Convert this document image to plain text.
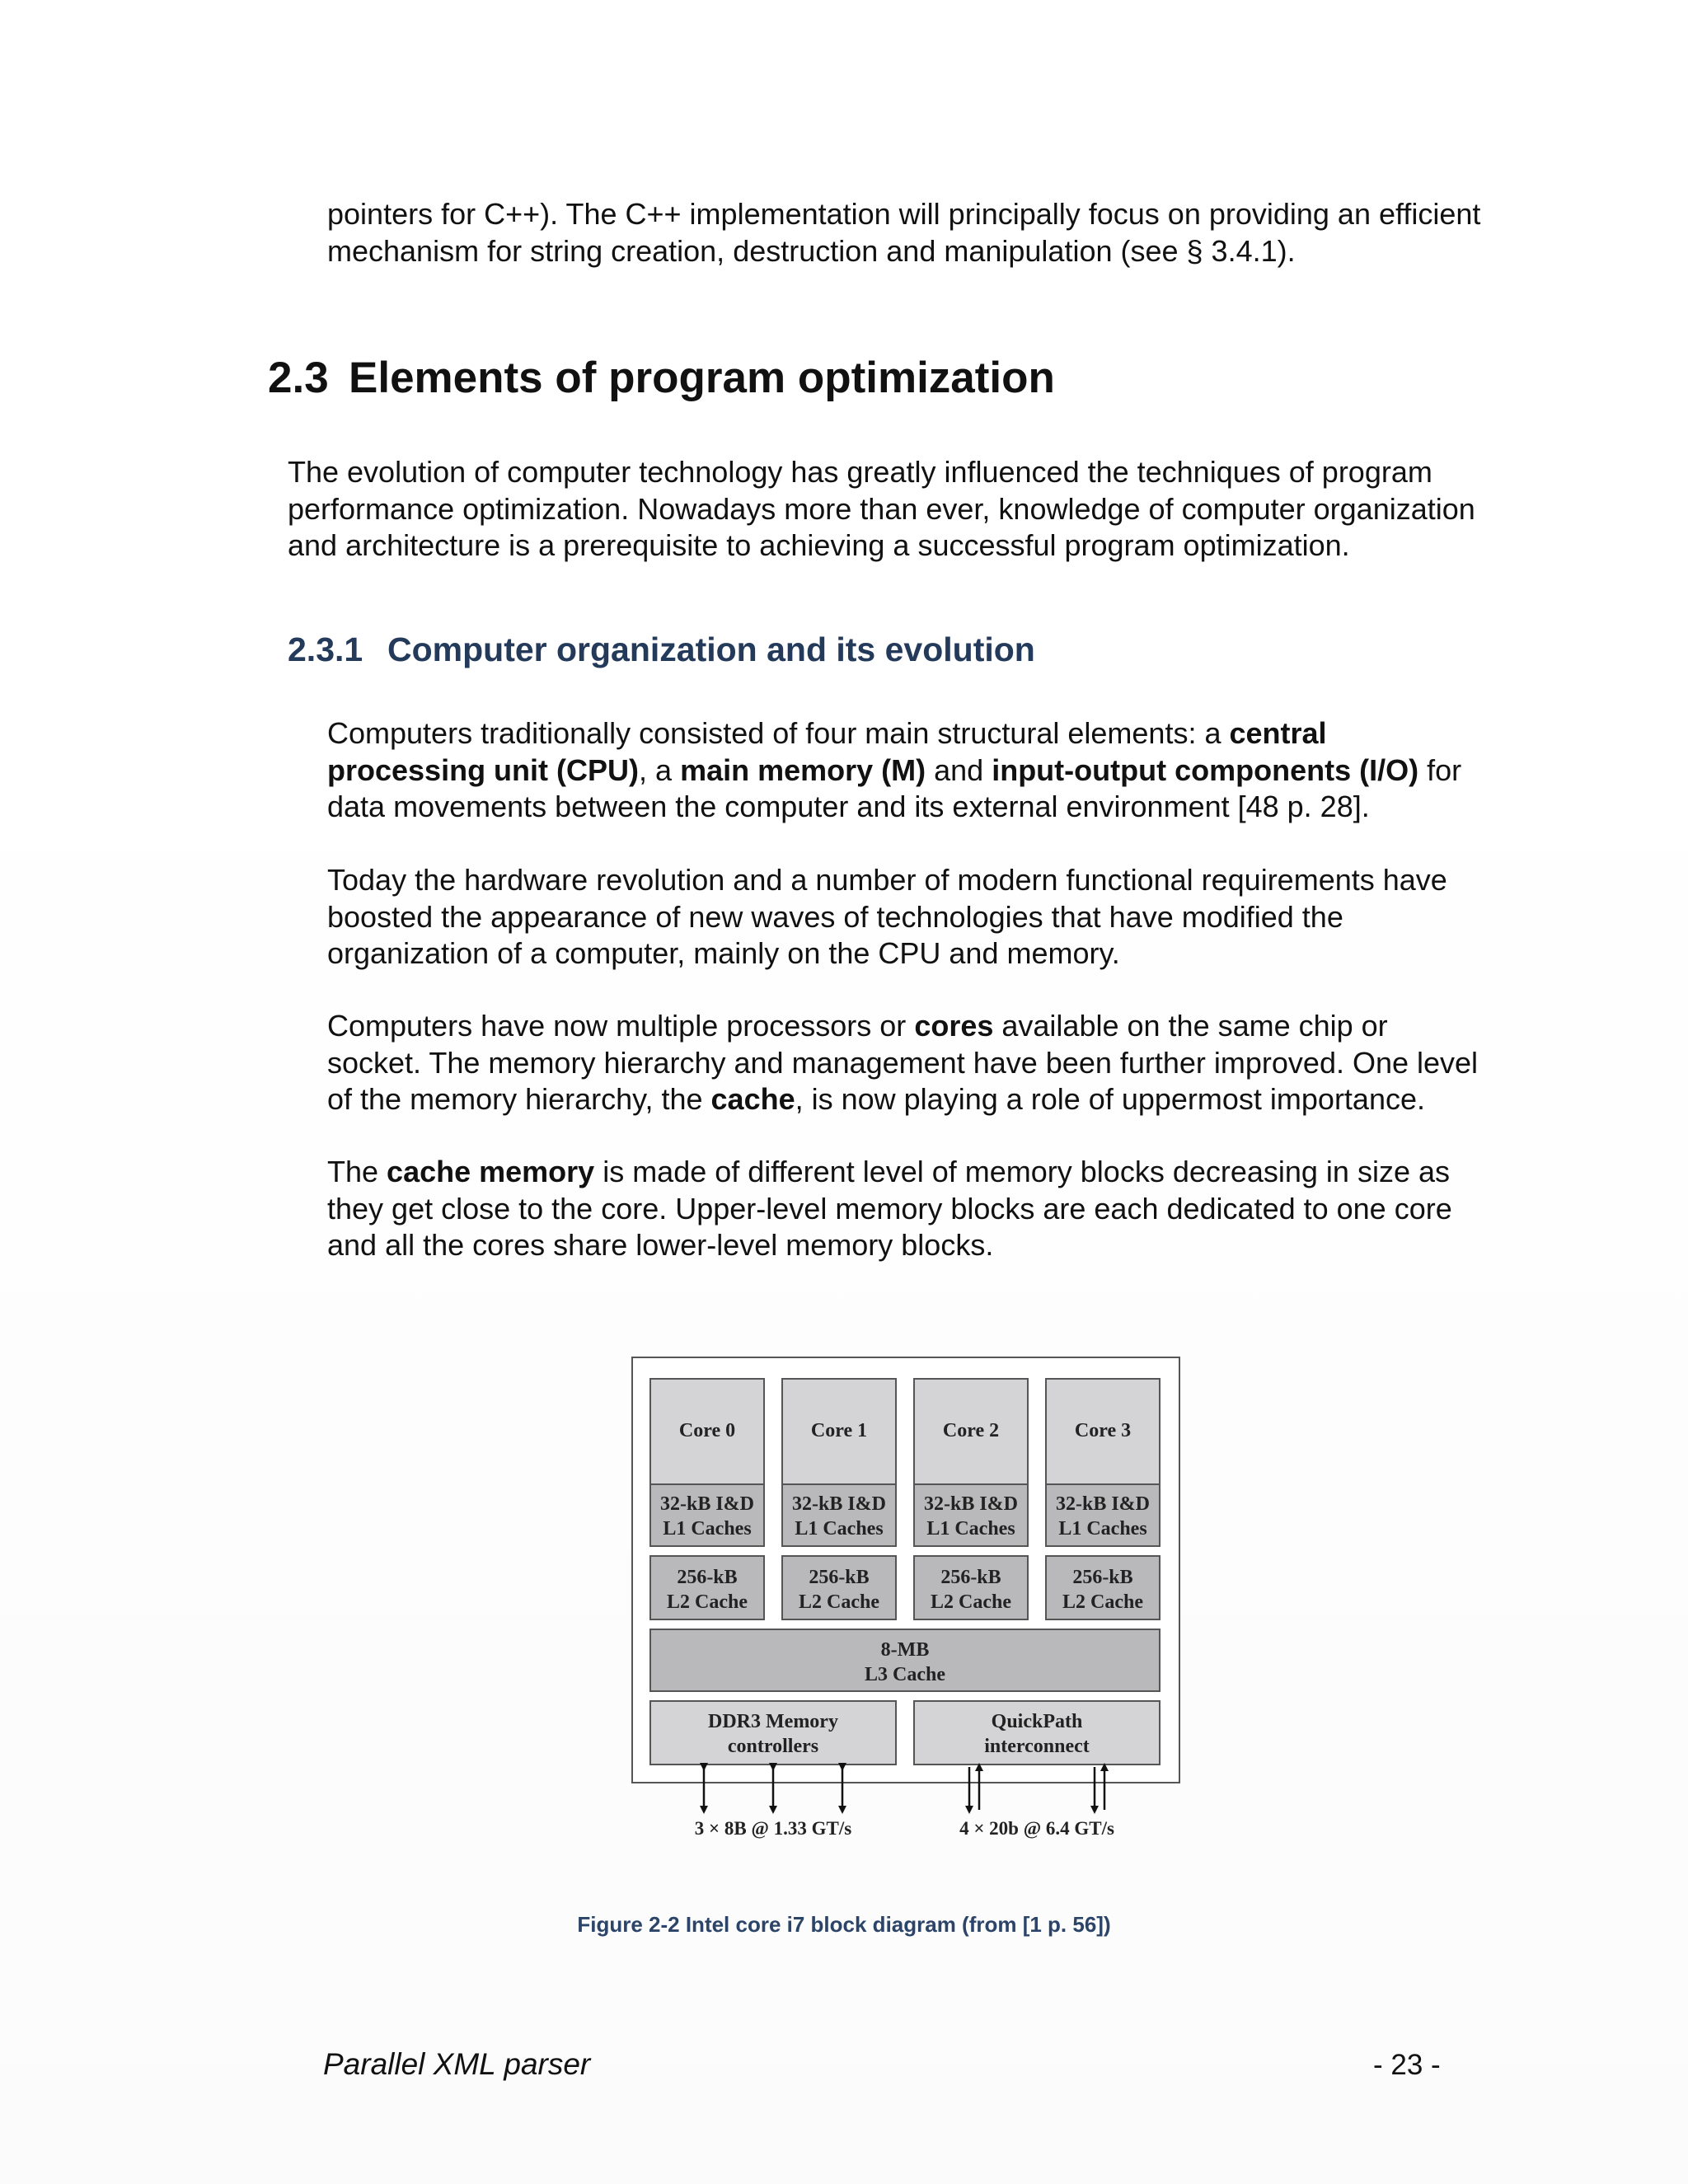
pointers for C++). The C++ implementation will principally focus on providing an efficient
mechanism for string creation, destruction and manipulation (see § 3.4.1).

2.3 Elements of program optimization

The evolution of computer technology has greatly influenced the techniques of program
performance optimization. Nowadays more than ever, knowledge of computer organization
and architecture is a prerequisite to achieving a successful program optimization.

2.3.1 Computer organization and its evolution

Computers traditionally consisted of four main structural elements: a central
processing unit (CPU), a main memory (M) and input-output components (I/O) for
data movements between the computer and its external environment [48 p. 28].

Today the hardware revolution and a number of modern functional requirements have
boosted the appearance of new waves of technologies that have modified the
organization of a computer, mainly on the CPU and memory.

Computers have now multiple processors or cores available on the same chip or
socket. The memory hierarchy and management have been further improved. One level
of the memory hierarchy, the cache, is now playing a role of uppermost importance.

The cache memory is made of different level of memory blocks decreasing in size as
they get close to the core. Upper-level memory blocks are each dedicated to one core
and all the cores share lower-level memory blocks.

Core 0
32-kB I&D
L1 Caches
256-kB
L2 Cache
Core 1
32-kB I&D
L1 Caches
256-kB
L2 Cache
Core 2
32-kB I&D
L1 Caches
256-kB
L2 Cache
Core 3
32-kB I&D
L1 Caches
256-kB
L2 Cache
8-MB
L3 Cache
DDR3 Memory
controllers
QuickPath
interconnect
3 × 8B @ 1.33 GT/s	4 × 20b @ 6.4 GT/s
Figure 2-2 Intel core i7 block diagram (from [1 p. 56])
Parallel XML parser	- 23 -
